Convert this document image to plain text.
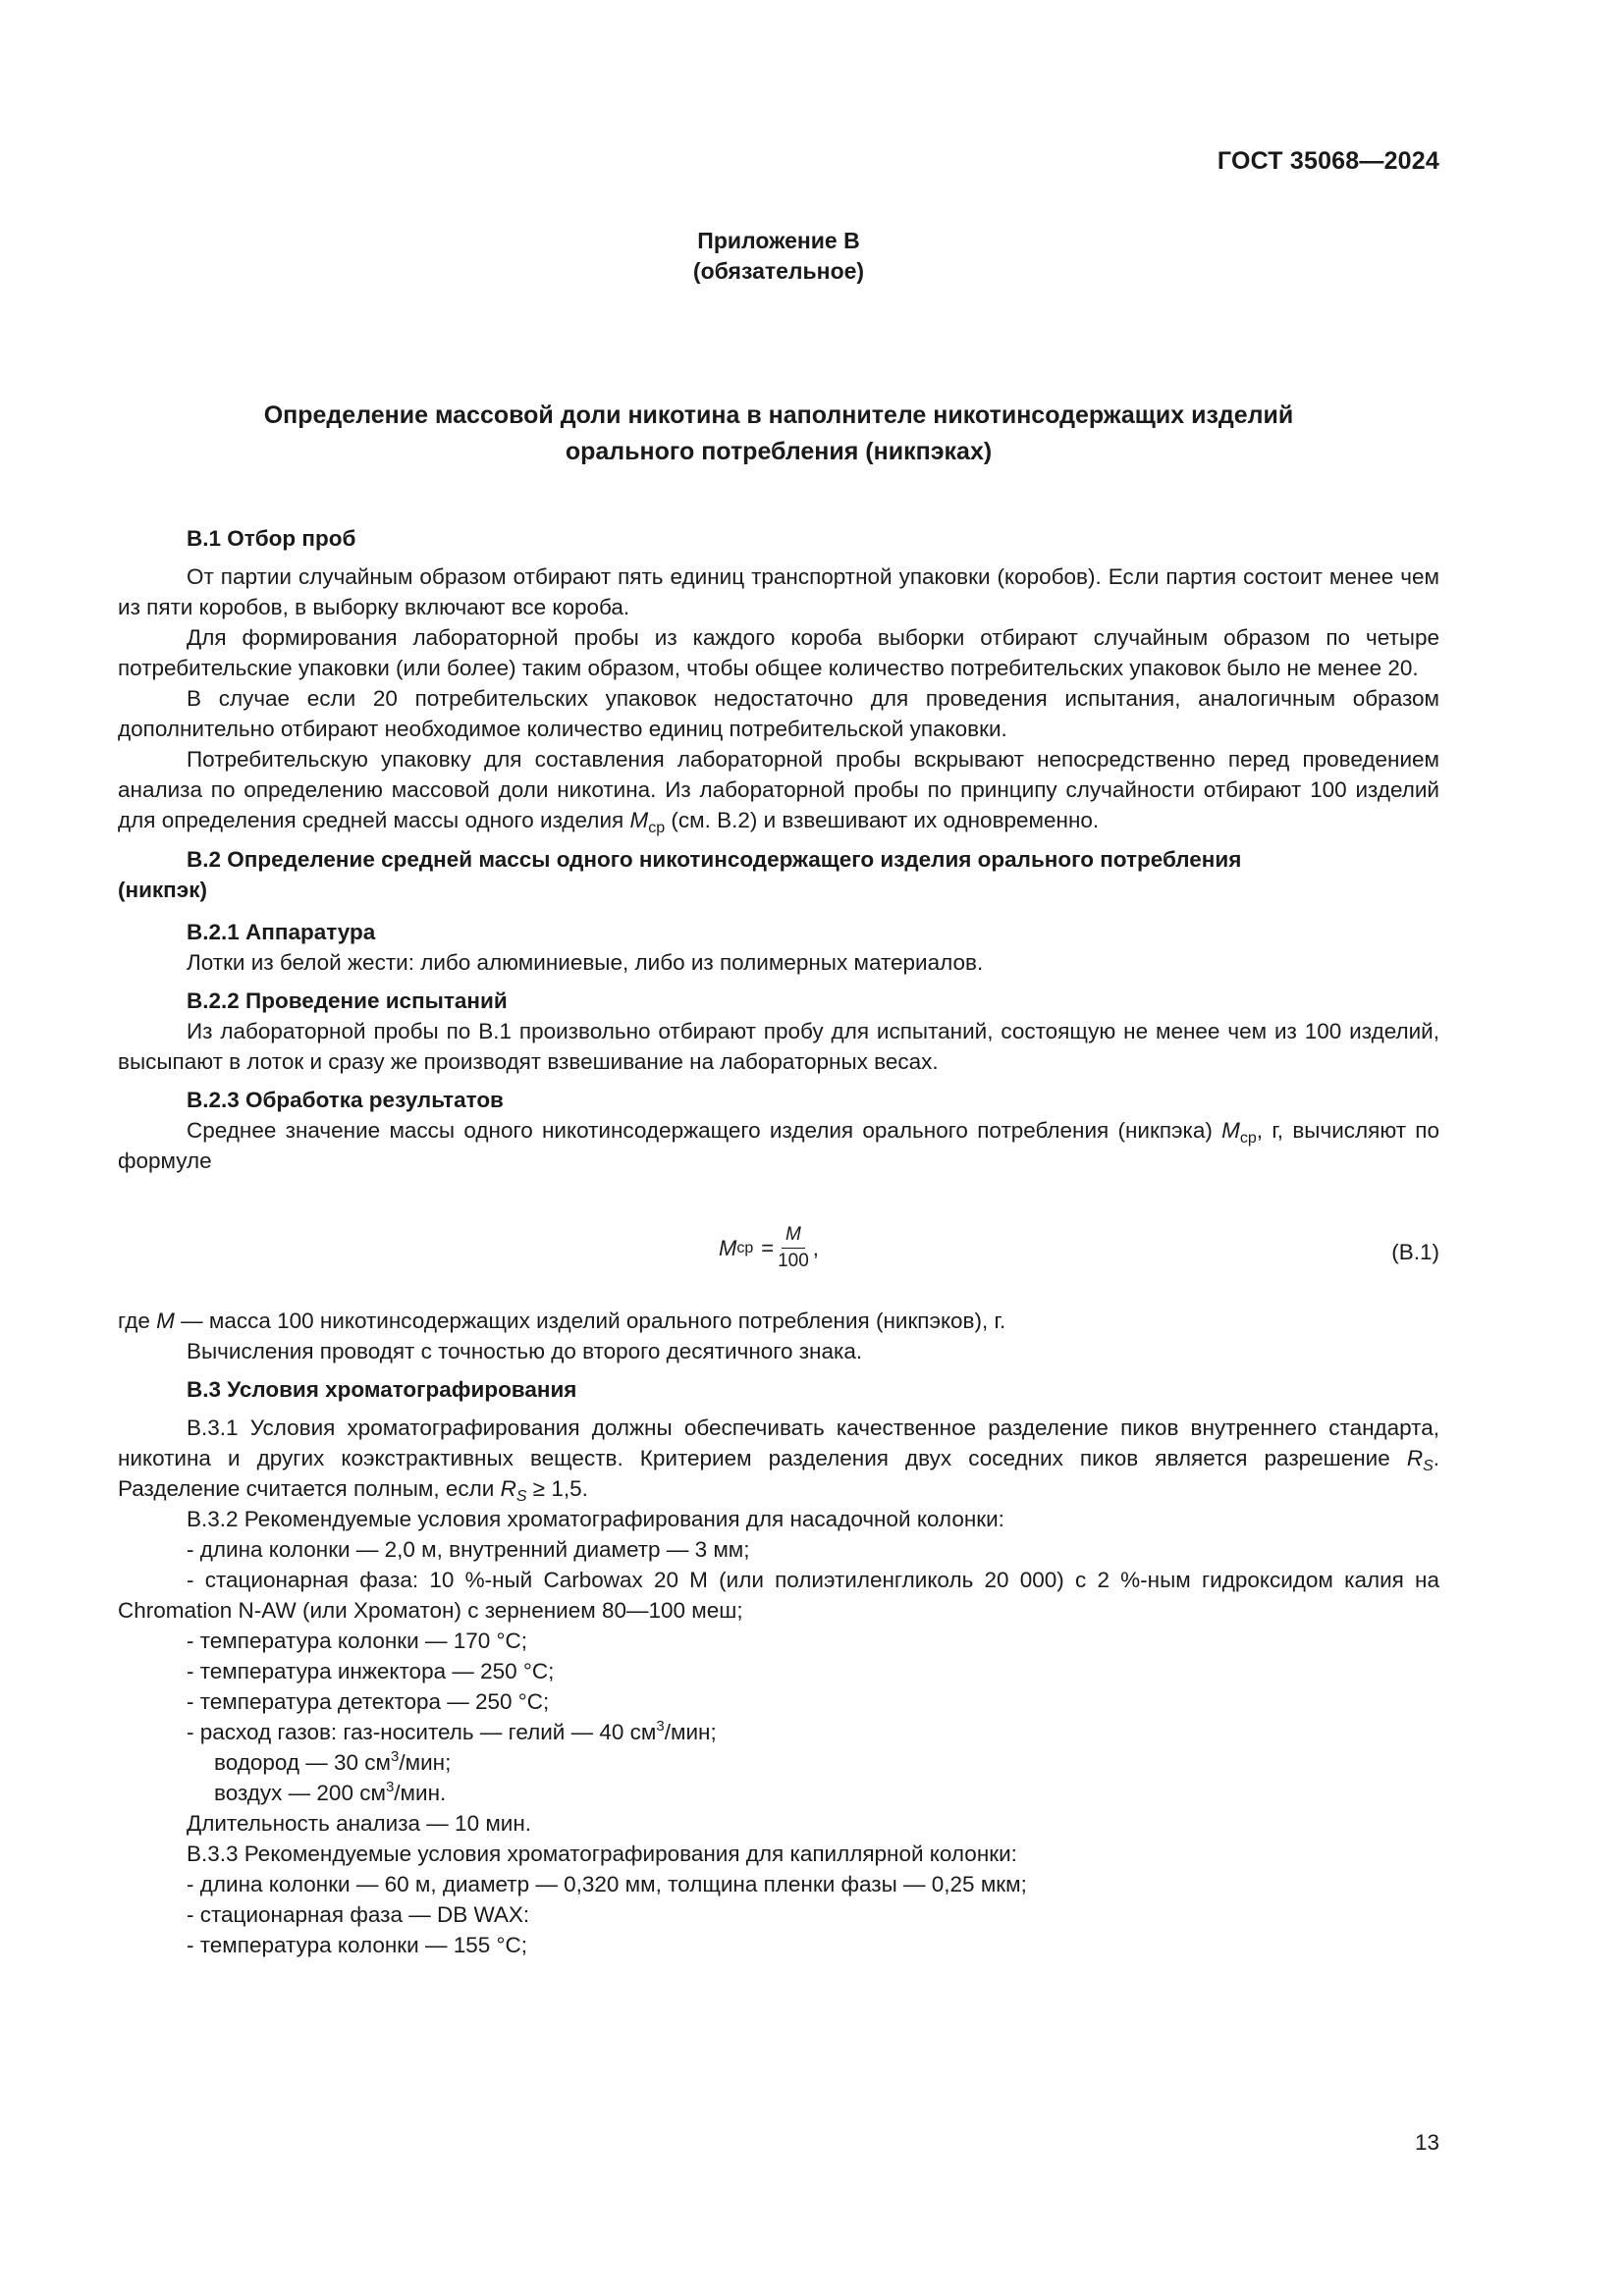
ГОСТ 35068—2024
Приложение В
(обязательное)
Определение массовой доли никотина в наполнителе никотинсодержащих изделий
орального потребления (никпэках)
В.1 Отбор проб

От партии случайным образом отбирают пять единиц транспортной упаковки (коробов). Если партия состоит менее чем из пяти коробов, в выборку включают все короба.

Для формирования лабораторной пробы из каждого короба выборки отбирают случайным образом по четыре потребительские упаковки (или более) таким образом, чтобы общее количество потребительских упаковок было не менее 20.

В случае если 20 потребительских упаковок недостаточно для проведения испытания, аналогичным образом дополнительно отбирают необходимое количество единиц потребительской упаковки.

Потребительскую упаковку для составления лабораторной пробы вскрывают непосредственно перед проведением анализа по определению массовой доли никотина. Из лабораторной пробы по принципу случайности отбирают 100 изделий для определения средней массы одного изделия $M_{ср}$ (см. В.2) и взвешивают их одновременно.

В.2 Определение средней массы одного никотинсодержащего изделия орального потребления
(никпэк)
В.2.1 Аппаратура

Лотки из белой жести: либо алюминиевые, либо из полимерных материалов.

В.2.2 Проведение испытаний

Из лабораторной пробы по В.1 произвольно отбирают пробу для испытаний, состоящую не менее чем из 100 изделий, высыпают в лоток и сразу же производят взвешивание на лабораторных весах.

В.2.3 Обработка результатов

Среднее значение массы одного никотинсодержащего изделия орального потребления (никпэка) $M_{ср}$, г, вычисляют по формуле

M ср = $\frac{M}{100}$ ,	(В.1)

где M — масса 100 никотинсодержащих изделий орального потребления (никпэков), г.

Вычисления проводят с точностью до второго десятичного знака.

В.3 Условия хроматографирования

В.3.1 Условия хроматографирования должны обеспечивать качественное разделение пиков внутреннего стандарта, никотина и других коэкстрактивных веществ. Критерием разделения двух соседних пиков является разрешение $R_S$. Разделение считается полным, если $R_S \ge 1,5$.

В.3.2 Рекомендуемые условия хроматографирования для насадочной колонки:

- длина колонки — 2,0 м, внутренний диаметр — 3 мм;

- стационарная фаза: 10 %-ный Carbowax 20 М (или полиэтиленгликоль 20 000) с 2 %-ным гидроксидом калия на Chromation N-AW (или Хроматон) с зернением 80—100 меш;

- температура колонки — 170 °С;

- температура инжектора — 250 °С;

- температура детектора — 250 °С;

- расход газов: газ-носитель — гелий — 40 $см^3$/мин;

водород — 30 $см^3$/мин;

воздух — 200 $см^3$/мин.

Длительность анализа — 10 мин.

В.3.3 Рекомендуемые условия хроматографирования для капиллярной колонки:

- длина колонки — 60 м, диаметр — 0,320 мм, толщина пленки фазы — 0,25 мкм;

- стационарная фаза — DB WAX:

- температура колонки — 155 °С;

13
